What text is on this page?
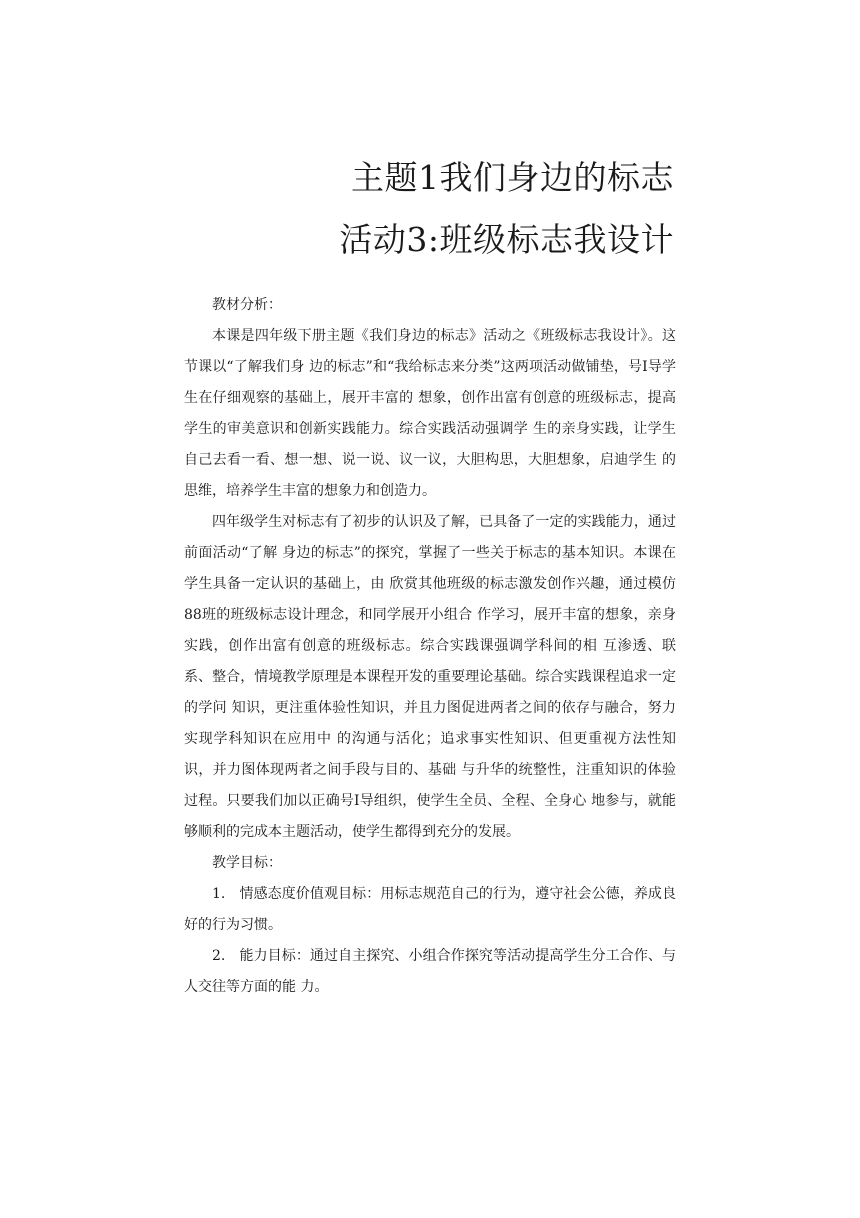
主题1我们身边的标志
活动3:班级标志我设计

教材分析：

本课是四年级下册主题《我们身边的标志》活动之《班级标志我设计》。这节课以“了解我们身 边的标志”和“我给标志来分类”这两项活动做铺垫，号I导学生在仔细观察的基础上，展开丰富的 想象，创作出富有创意的班级标志，提高学生的审美意识和创新实践能力。综合实践活动强调学 生的亲身实践，让学生自己去看一看、想一想、说一说、议一议，大胆构思，大胆想象，启迪学生 的思维，培养学生丰富的想象力和创造力。

四年级学生对标志有了初步的认识及了解，已具备了一定的实践能力，通过前面活动“了解 身边的标志”的探究，掌握了一些关于标志的基本知识。本课在学生具备一定认识的基础上，由 欣赏其他班级的标志激发创作兴趣，通过模仿88班的班级标志设计理念，和同学展开小组合 作学习，展开丰富的想象，亲身实践，创作出富有创意的班级标志。综合实践课强调学科间的相 互渗透、联系、整合，情境教学原理是本课程开发的重要理论基础。综合实践课程追求一定的学问 知识，更注重体验性知识，并且力图促进两者之间的依存与融合，努力实现学科知识在应用中 的沟通与活化；追求事实性知识、但更重视方法性知识，并力图体现两者之间手段与目的、基础 与升华的统整性，注重知识的体验过程。只要我们加以正确号I导组织，使学生全员、全程、全身心 地参与，就能够顺利的完成本主题活动，使学生都得到充分的发展。

教学目标：

1.　情感态度价值观目标：用标志规范自己的行为，遵守社会公德，养成良好的行为习惯。

2.　能力目标：通过自主探究、小组合作探究等活动提高学生分工合作、与人交往等方面的能 力。
